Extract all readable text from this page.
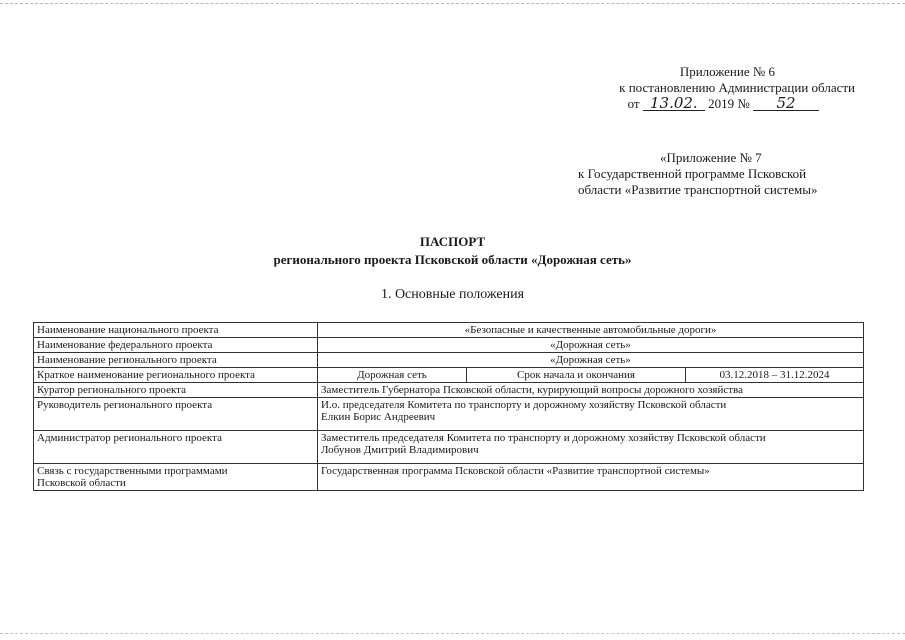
Приложение № 6
к постановлению Администрации области
от 13.02. 2019 № 52
«Приложение № 7
к Государственной программе Псковской
области «Развитие транспортной системы»
ПАСПОРТ
регионального проекта Псковской области «Дорожная сеть»
1. Основные положения
Наименование национального проекта	«Безопасные и качественные автомобильные дороги»		
Наименование федерального проекта	«Дорожная сеть»		
Наименование регионального проекта	«Дорожная сеть»		
Краткое наименование регионального проекта	Дорожная сеть	Срок начала и окончания	03.12.2018 – 31.12.2024
Куратор регионального проекта	Заместитель Губернатора Псковской области, курирующий вопросы дорожного хозяйства		
Руководитель регионального проекта	И.о. председателя Комитета по транспорту и дорожному хозяйству Псковской области
Елкин Борис Андреевич		

Администратор регионального проекта	Заместитель председателя Комитета по транспорту и дорожному хозяйству Псковской области
Лобунов Дмитрий Владимирович		

Связь с государственными программами
Псковской области	Государственная программа Псковской области «Развитие транспортной системы»		
